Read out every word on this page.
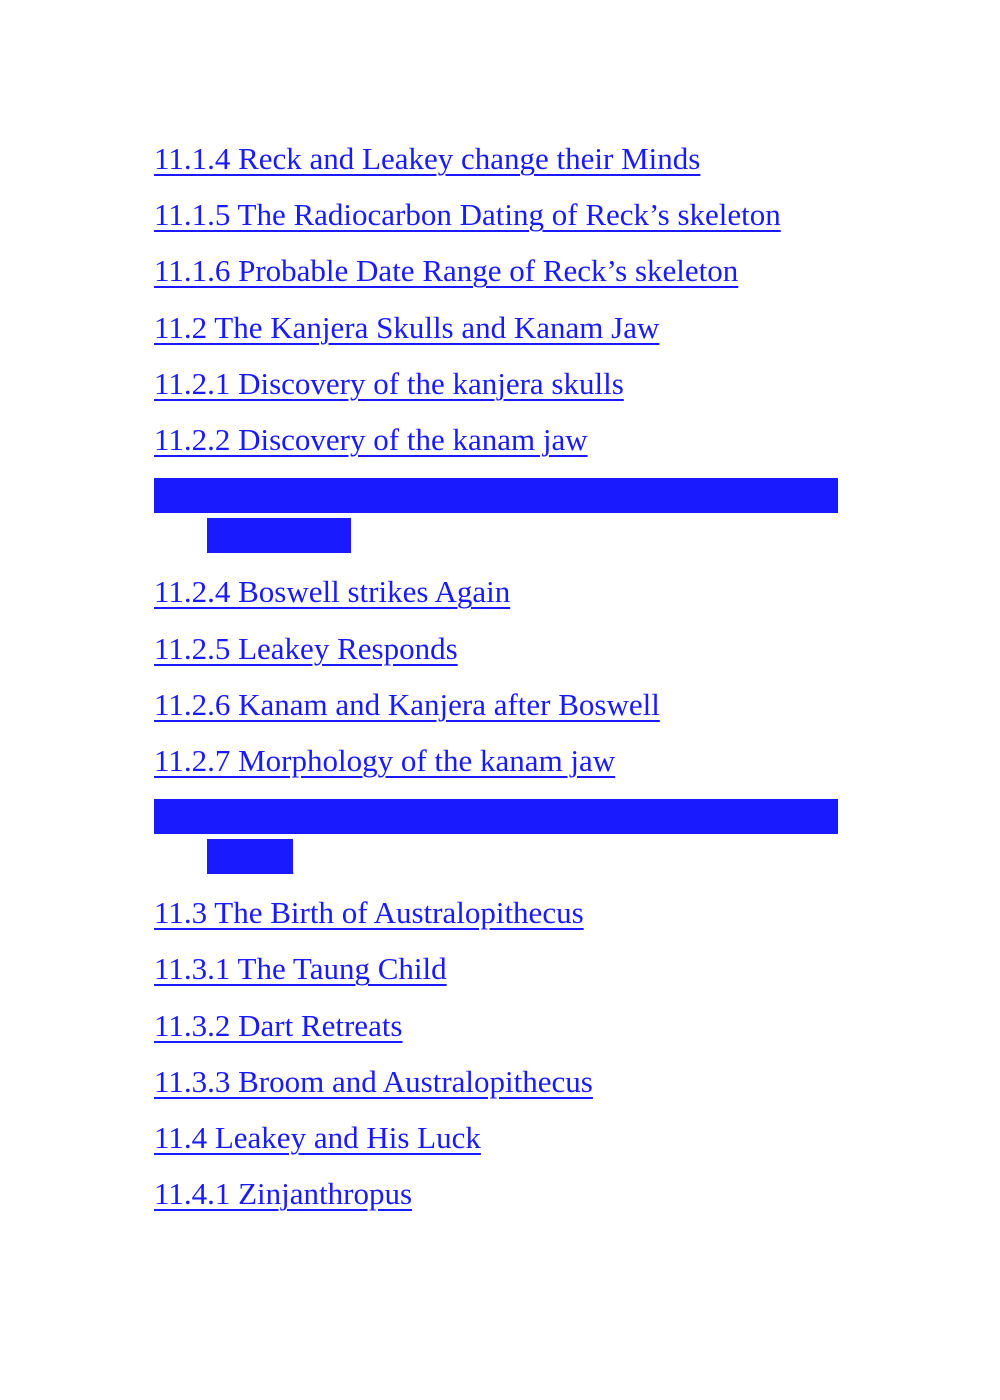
11.1.4 Reck and Leakey change their Minds
11.1.5 The Radiocarbon Dating of Reck’s skeleton
11.1.6 Probable Date Range of Reck’s skeleton
11.2 The Kanjera Skulls and Kanam Jaw
11.2.1 Discovery of the kanjera skulls
11.2.2 Discovery of the kanam jaw
11.2.3 A commission of scientists Decides on kanam and kanjera
11.2.4 Boswell strikes Again
11.2.5 Leakey Responds
11.2.6 Kanam and Kanjera after Boswell
11.2.7 Morphology of the kanam jaw
11.2.8 Chemical Testing Of the Kanam And Kanjera Fossils
11.3 The Birth of Australopithecus
11.3.1 The Taung Child
11.3.2 Dart Retreats
11.3.3 Broom and Australopithecus
11.4 Leakey and His Luck
11.4.1 Zinjanthropus
